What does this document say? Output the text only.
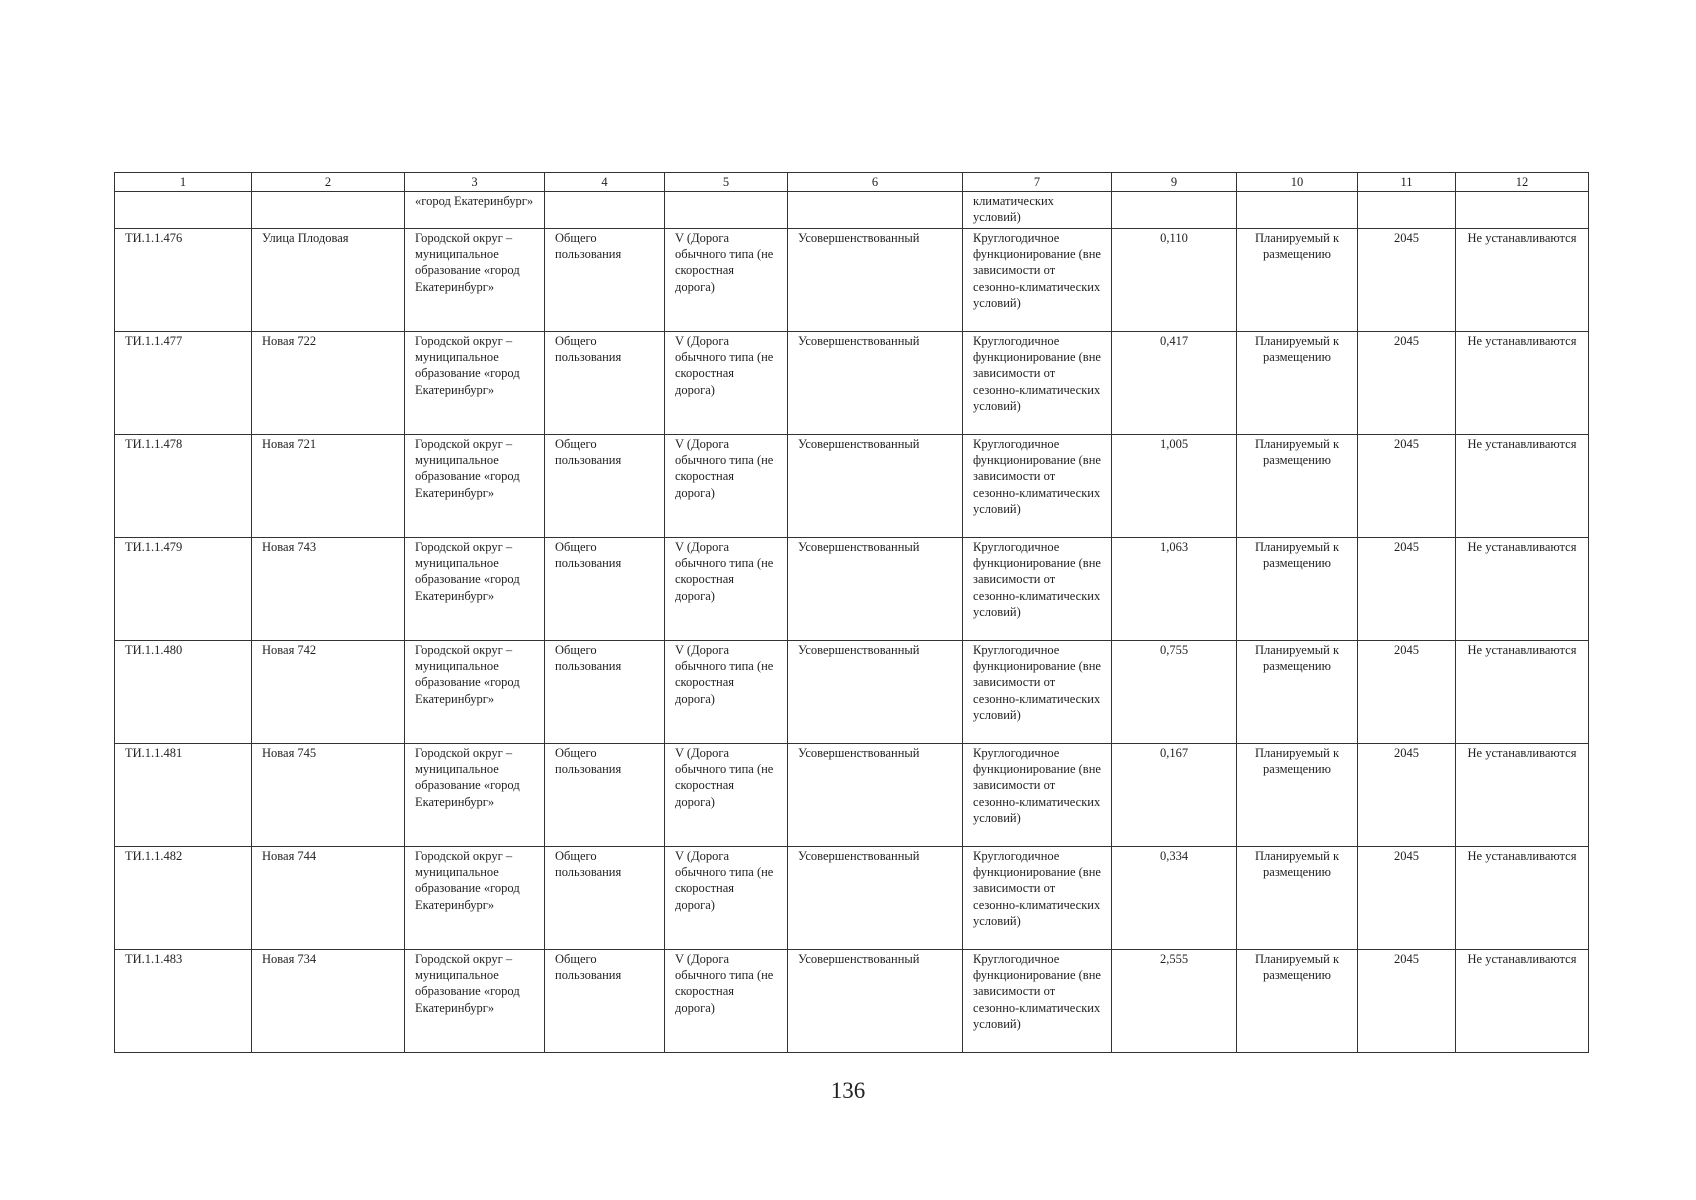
1	2	3	4	5	6	7	9	10	11	12
		«город Екатеринбург»				климатических условий)				
ТИ.1.1.476	Улица Плодовая	Городской округ – муниципальное образование «город Екатеринбург»	Общего пользования	V (Дорога обычного типа (не скоростная дорога)	Усовершенствованный	Круглогодичное функционирование (вне зависимости от сезонно-климатических условий)	0,110	Планируемый к размещению	2045	Не устанавливаются
ТИ.1.1.477	Новая 722	Городской округ – муниципальное образование «город Екатеринбург»	Общего пользования	V (Дорога обычного типа (не скоростная дорога)	Усовершенствованный	Круглогодичное функционирование (вне зависимости от сезонно-климатических условий)	0,417	Планируемый к размещению	2045	Не устанавливаются
ТИ.1.1.478	Новая 721	Городской округ – муниципальное образование «город Екатеринбург»	Общего пользования	V (Дорога обычного типа (не скоростная дорога)	Усовершенствованный	Круглогодичное функционирование (вне зависимости от сезонно-климатических условий)	1,005	Планируемый к размещению	2045	Не устанавливаются
ТИ.1.1.479	Новая 743	Городской округ – муниципальное образование «город Екатеринбург»	Общего пользования	V (Дорога обычного типа (не скоростная дорога)	Усовершенствованный	Круглогодичное функционирование (вне зависимости от сезонно-климатических условий)	1,063	Планируемый к размещению	2045	Не устанавливаются
ТИ.1.1.480	Новая 742	Городской округ – муниципальное образование «город Екатеринбург»	Общего пользования	V (Дорога обычного типа (не скоростная дорога)	Усовершенствованный	Круглогодичное функционирование (вне зависимости от сезонно-климатических условий)	0,755	Планируемый к размещению	2045	Не устанавливаются
ТИ.1.1.481	Новая 745	Городской округ – муниципальное образование «город Екатеринбург»	Общего пользования	V (Дорога обычного типа (не скоростная дорога)	Усовершенствованный	Круглогодичное функционирование (вне зависимости от сезонно-климатических условий)	0,167	Планируемый к размещению	2045	Не устанавливаются
ТИ.1.1.482	Новая 744	Городской округ – муниципальное образование «город Екатеринбург»	Общего пользования	V (Дорога обычного типа (не скоростная дорога)	Усовершенствованный	Круглогодичное функционирование (вне зависимости от сезонно-климатических условий)	0,334	Планируемый к размещению	2045	Не устанавливаются
ТИ.1.1.483	Новая 734	Городской округ – муниципальное образование «город Екатеринбург»	Общего пользования	V (Дорога обычного типа (не скоростная дорога)	Усовершенствованный	Круглогодичное функционирование (вне зависимости от сезонно-климатических условий)	2,555	Планируемый к размещению	2045	Не устанавливаются
136
